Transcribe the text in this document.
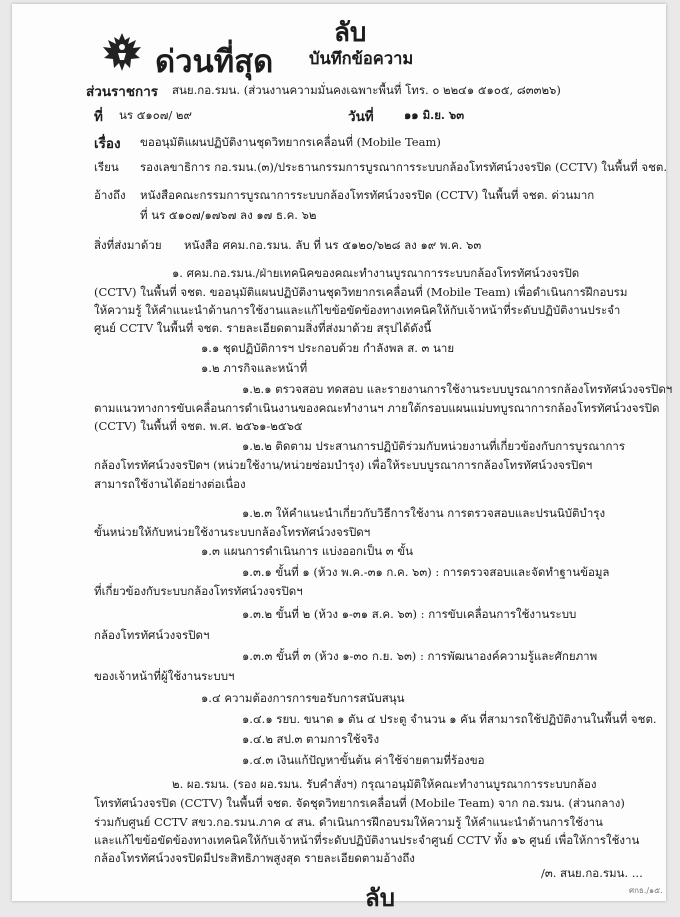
ลับ
ด่วนที่สุด บันทึกข้อความ
ส่วนราชการ สนย.กอ.รมน. (ส่วนงานความมั่นคงเฉพาะพื้นที่ โทร. ๐ ๒๒๔๑ ๕๑๐๕, ๘๓๓๒๖)
ที่ นร ๕๑๐๗/ ๒๙	วันที่	๑๑ มิ.ย. ๖๓
เรื่อง ขออนุมัติแผนปฏิบัติงานชุดวิทยากรเคลื่อนที่ (Mobile Team)
เรียน รองเลขาธิการ กอ.รมน.(๓)/ประธานกรรมการบูรณาการระบบกล้องโทรทัศน์วงจรปิด (CCTV) ในพื้นที่ จชต.
อ้างถึง หนังสือคณะกรรมการบูรณาการระบบกล้องโทรทัศน์วงจรปิด (CCTV) ในพื้นที่ จชต. ด่วนมาก
ที่ นร ๕๑๐๗/๑๗๖๗ ลง ๑๗ ธ.ค. ๖๒
สิ่งที่ส่งมาด้วย หนังสือ ศคม.กอ.รมน. ลับ ที่ นร ๕๑๒๐/๖๒๘ ลง ๑๙ พ.ค. ๖๓
๑. ศคม.กอ.รมน./ฝ่ายเทคนิคของคณะทำงานบูรณาการระบบกล้องโทรทัศน์วงจรปิด
(CCTV) ในพื้นที่ จชต. ขออนุมัติแผนปฏิบัติงานชุดวิทยากรเคลื่อนที่ (Mobile Team) เพื่อดำเนินการฝึกอบรม
ให้ความรู้ ให้คำแนะนำด้านการใช้งานและแก้ไขข้อขัดข้องทางเทคนิคให้กับเจ้าหน้าที่ระดับปฏิบัติงานประจำ
ศูนย์ CCTV ในพื้นที่ จชต. รายละเอียดตามสิ่งที่ส่งมาด้วย สรุปได้ดังนี้
๑.๑ ชุดปฏิบัติการฯ ประกอบด้วย กำลังพล ส. ๓ นาย
๑.๒ ภารกิจและหน้าที่
๑.๒.๑ ตรวจสอบ ทดสอบ และรายงานการใช้งานระบบบูรณาการกล้องโทรทัศน์วงจรปิดฯ
ตามแนวทางการขับเคลื่อนการดำเนินงานของคณะทำงานฯ ภายใต้กรอบแผนแม่บทบูรณาการกล้องโทรทัศน์วงจรปิด
(CCTV) ในพื้นที่ จชต. พ.ศ. ๒๕๖๑-๒๕๖๕
๑.๒.๒ ติดตาม ประสานการปฏิบัติร่วมกับหน่วยงานที่เกี่ยวข้องกับการบูรณาการ
กล้องโทรทัศน์วงจรปิดฯ (หน่วยใช้งาน/หน่วยซ่อมบำรุง) เพื่อให้ระบบบูรณาการกล้องโทรทัศน์วงจรปิดฯ
สามารถใช้งานได้อย่างต่อเนื่อง
๑.๒.๓ ให้คำแนะนำเกี่ยวกับวิธีการใช้งาน การตรวจสอบและปรนนิบัติบำรุง
ขั้นหน่วยให้กับหน่วยใช้งานระบบกล้องโทรทัศน์วงจรปิดฯ
๑.๓ แผนการดำเนินการ แบ่งออกเป็น ๓ ขั้น
๑.๓.๑ ขั้นที่ ๑ (ห้วง พ.ค.-๓๑ ก.ค. ๖๓) : การตรวจสอบและจัดทำฐานข้อมูล
ที่เกี่ยวข้องกับระบบกล้องโทรทัศน์วงจรปิดฯ
๑.๓.๒ ขั้นที่ ๒ (ห้วง ๑-๓๑ ส.ค. ๖๓) : การขับเคลื่อนการใช้งานระบบ
กล้องโทรทัศน์วงจรปิดฯ
๑.๓.๓ ขั้นที่ ๓ (ห้วง ๑-๓๐ ก.ย. ๖๓) : การพัฒนาองค์ความรู้และศักยภาพ
ของเจ้าหน้าที่ผู้ใช้งานระบบฯ
๑.๔ ความต้องการการขอรับการสนับสนุน
๑.๔.๑ รยบ. ขนาด ๑ ตัน ๔ ประตู จำนวน ๑ คัน ที่สามารถใช้ปฏิบัติงานในพื้นที่ จชต.
๑.๔.๒ สป.๓ ตามการใช้จริง
๑.๔.๓ เงินแก้ปัญหาขั้นต้น ค่าใช้จ่ายตามที่ร้องขอ
๒. ผอ.รมน. (รอง ผอ.รมน. รับคำสั่งฯ) กรุณาอนุมัติให้คณะทำงานบูรณาการระบบกล้อง
โทรทัศน์วงจรปิด (CCTV) ในพื้นที่ จชต. จัดชุดวิทยากรเคลื่อนที่ (Mobile Team) จาก กอ.รมน. (ส่วนกลาง)
ร่วมกับศูนย์ CCTV สขว.กอ.รมน.ภาค ๔ สน. ดำเนินการฝึกอบรมให้ความรู้ ให้คำแนะนำด้านการใช้งาน
และแก้ไขข้อขัดข้องทางเทคนิคให้กับเจ้าหน้าที่ระดับปฏิบัติงานประจำศูนย์ CCTV ทั้ง ๑๖ ศูนย์ เพื่อให้การใช้งาน
กล้องโทรทัศน์วงจรปิดมีประสิทธิภาพสูงสุด รายละเอียดตามอ้างถึง
/๓. สนย.กอ.รมน. ...
ลับ	ศกธ./๑๕.
